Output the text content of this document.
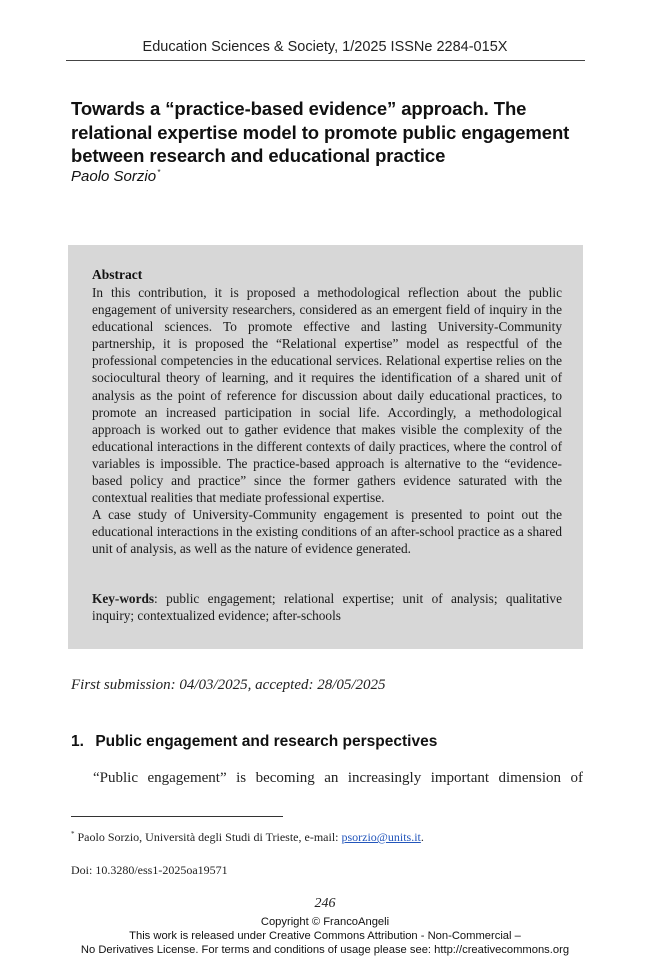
Education Sciences & Society, 1/2025 ISSNe 2284-015X
Towards a “practice-based evidence” approach. The relational expertise model to promote public engagement between research and educational practice
Paolo Sorzio*
Abstract

In this contribution, it is proposed a methodological reflection about the public engagement of university researchers, considered as an emergent field of inquiry in the educational sciences. To promote effective and lasting University-Community partnership, it is proposed the “Relational expertise” model as respectful of the professional competencies in the educational services. Relational expertise relies on the sociocultural theory of learning, and it requires the identification of a shared unit of analysis as the point of reference for discussion about daily educational practices, to promote an increased participation in social life. Accordingly, a methodological approach is worked out to gather evidence that makes visible the complexity of the educational interactions in the different contexts of daily practices, where the control of variables is impossible. The practice-based approach is alternative to the “evidence-based policy and practice” since the former gathers evidence saturated with the contextual realities that mediate professional expertise.

A case study of University-Community engagement is presented to point out the educational interactions in the existing conditions of an after-school practice as a shared unit of analysis, as well as the nature of evidence generated.

Key-words: public engagement; relational expertise; unit of analysis; qualitative inquiry; contextualized evidence; after-schools
First submission: 04/03/2025, accepted: 28/05/2025
1. Public engagement and research perspectives
“Public engagement” is becoming an increasingly important dimension of
* Paolo Sorzio, Università degli Studi di Trieste, e-mail: psorzio@units.it.
Doi: 10.3280/ess1-2025oa19571
246
Copyright © FrancoAngeli
This work is released under Creative Commons Attribution - Non-Commercial –
No Derivatives License. For terms and conditions of usage please see: http://creativecommons.org
